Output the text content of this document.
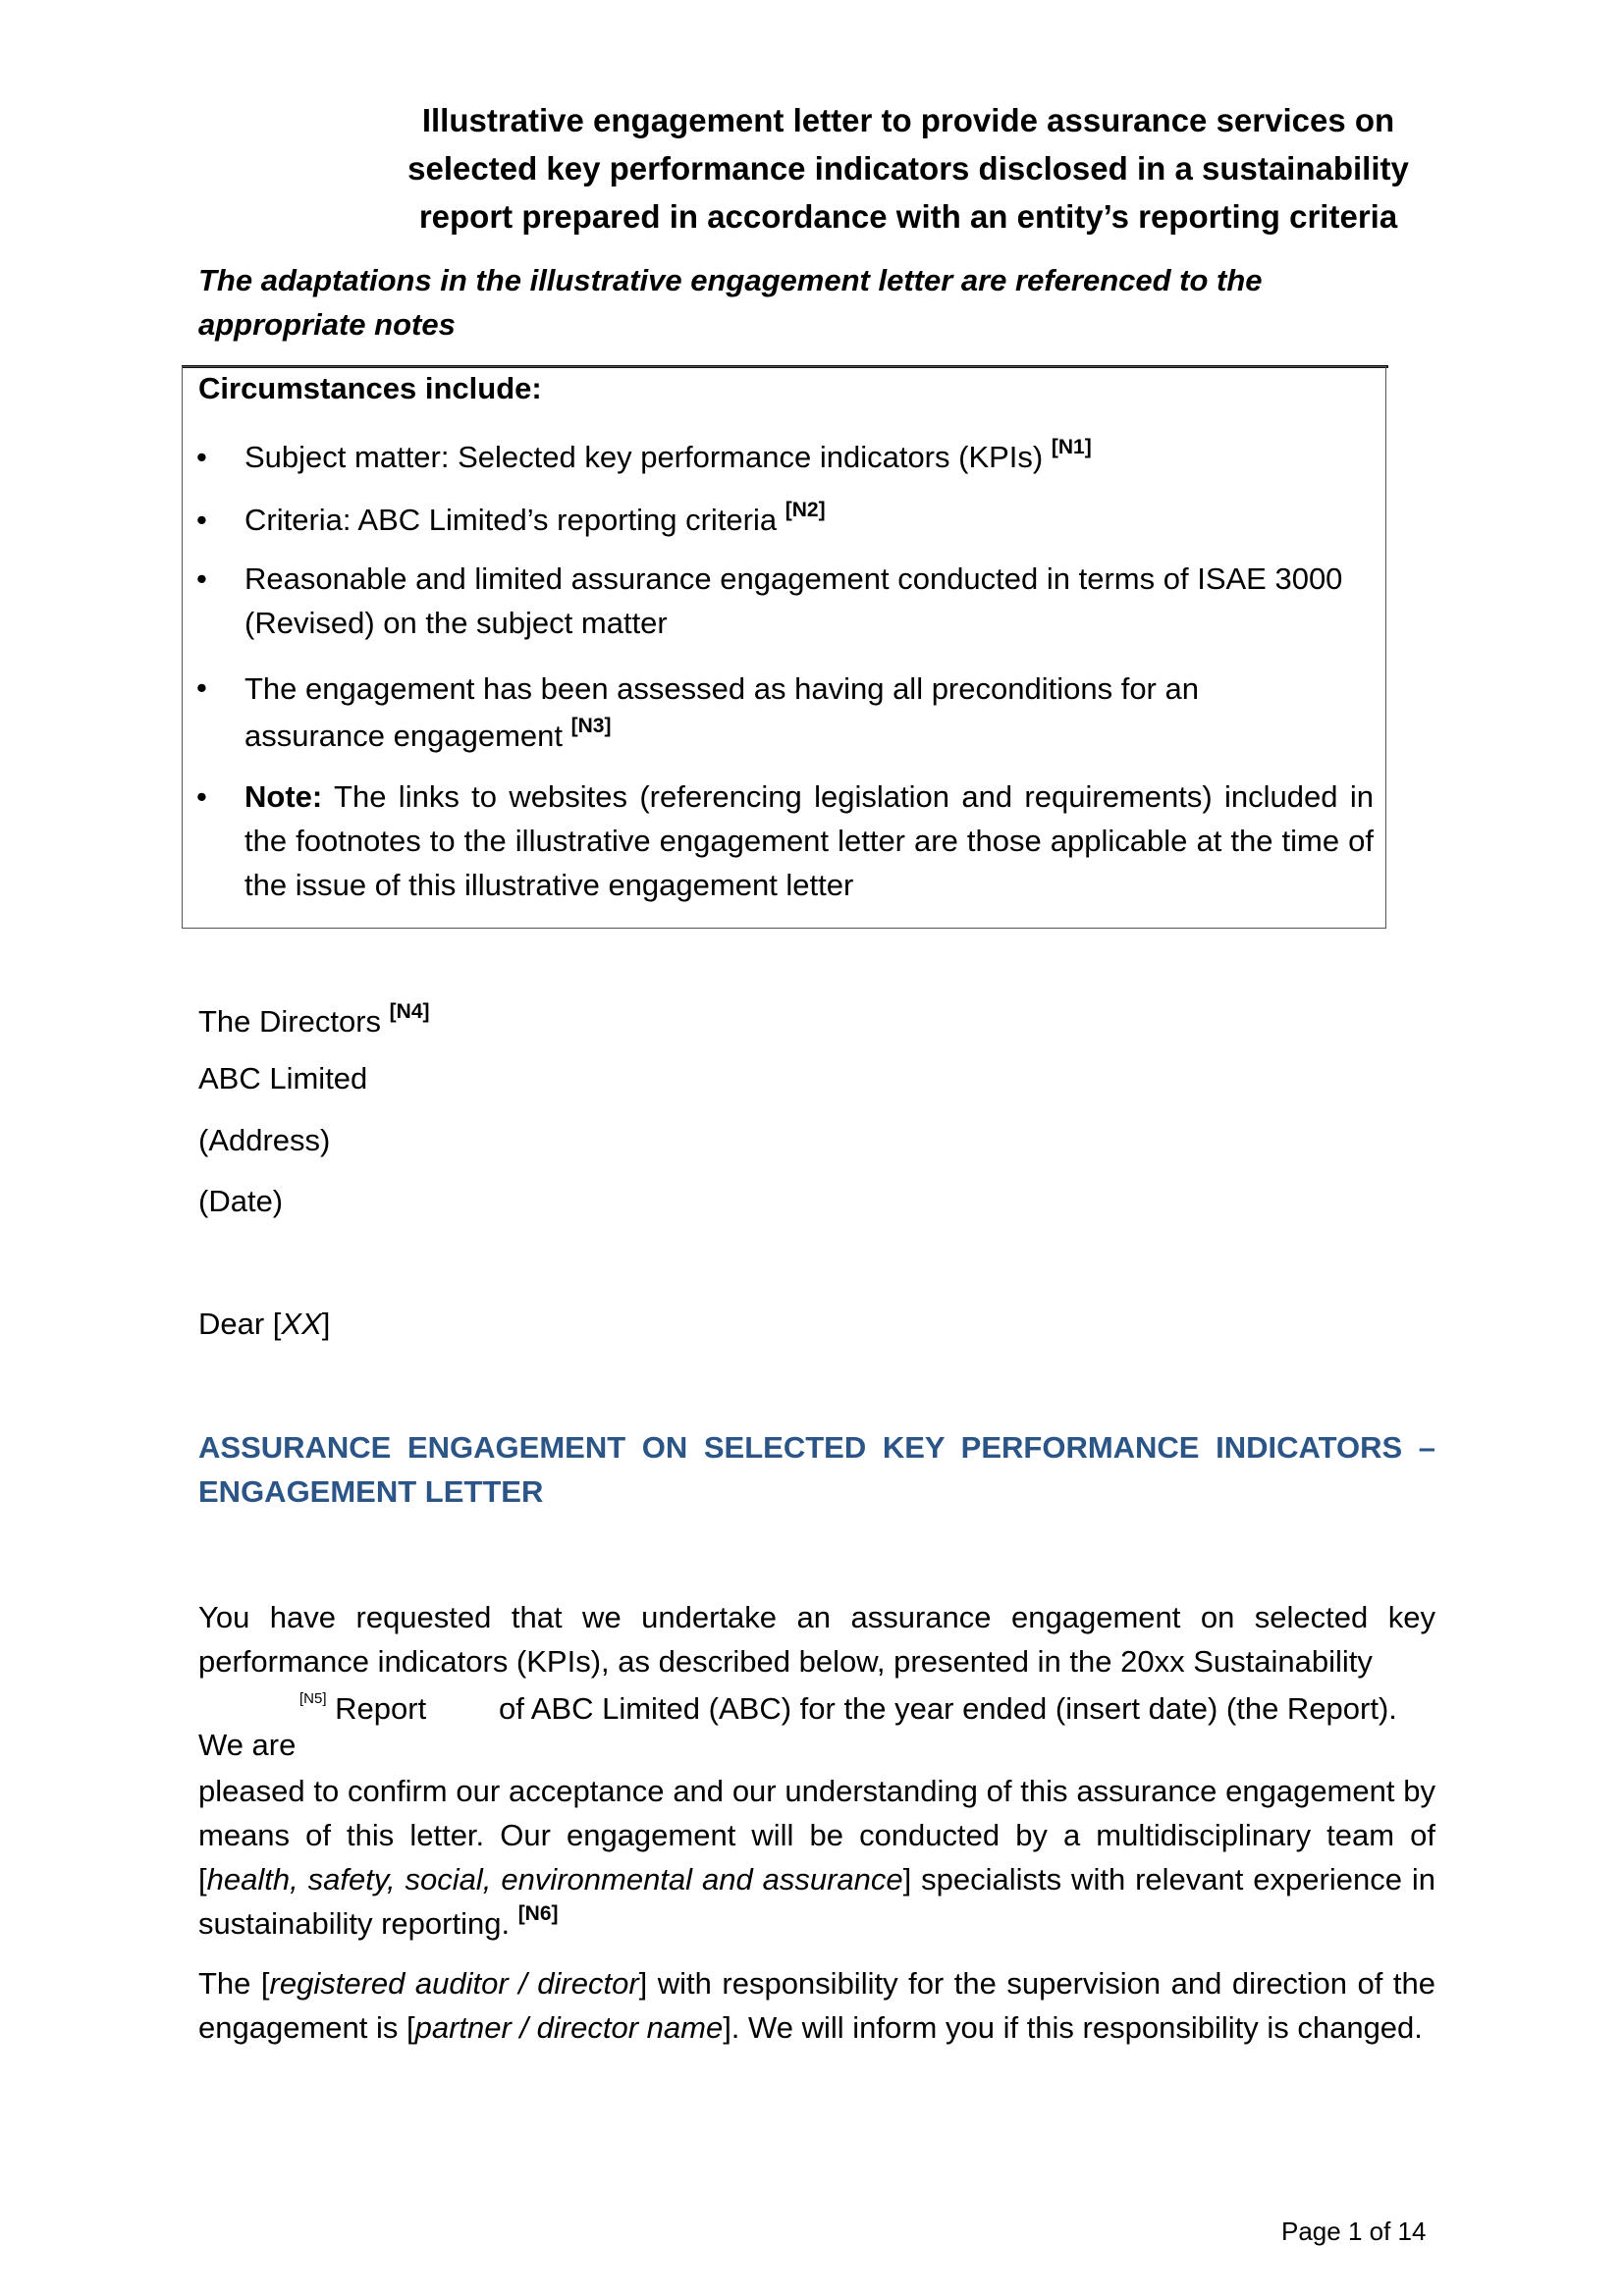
Illustrative engagement letter to provide assurance services on
selected key performance indicators disclosed in a sustainability
report prepared in accordance with an entity’s reporting criteria
The adaptations in the illustrative engagement letter are referenced to the appropriate notes
Circumstances include:
• Subject matter: Selected key performance indicators (KPIs) [N1]
• Criteria: ABC Limited’s reporting criteria [N2]
• Reasonable and limited assurance engagement conducted in terms of ISAE 3000 (Revised) on the subject matter
• The engagement has been assessed as having all preconditions for an assurance engagement [N3]
• Note: The links to websites (referencing legislation and requirements) included in the footnotes to the illustrative engagement letter are those applicable at the time of the issue of this illustrative engagement letter
The Directors [N4]
ABC Limited
(Address)
(Date)
Dear [XX]
ASSURANCE ENGAGEMENT ON SELECTED KEY PERFORMANCE INDICATORS – ENGAGEMENT LETTER
You have requested that we undertake an assurance engagement on selected key
performance indicators (KPIs), as described below, presented in the 20xx Sustainability
[N5] Report of ABC Limited (ABC) for the year ended (insert date) (the Report).
We are
pleased to confirm our acceptance and our understanding of this assurance engagement by means of this letter. Our engagement will be conducted by a multidisciplinary team of [health, safety, social, environmental and assurance] specialists with relevant experience in sustainability reporting. [N6]
The [registered auditor / director] with responsibility for the supervision and direction of the engagement is [partner / director name]. We will inform you if this responsibility is changed.
Page 1 of 14
